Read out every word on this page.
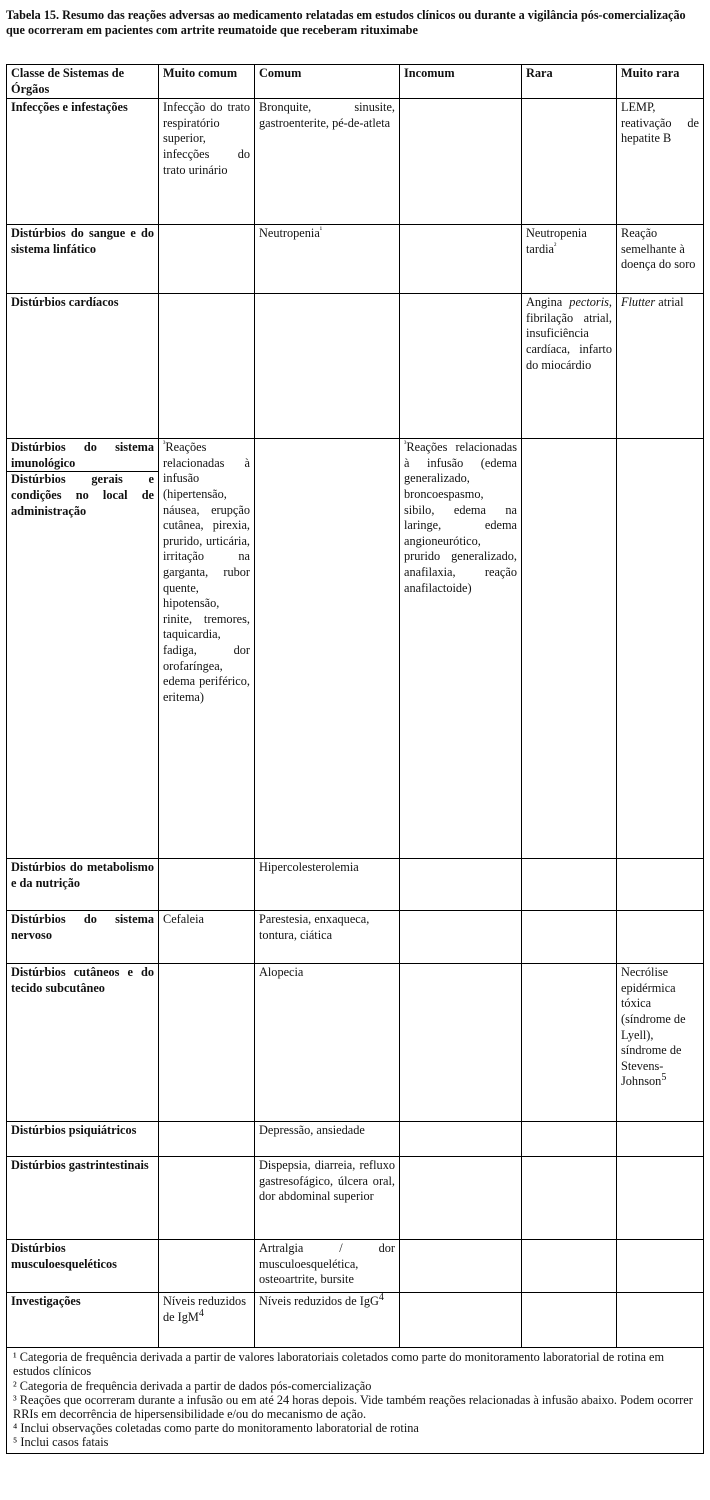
Tabela 15. Resumo das reações adversas ao medicamento relatadas em estudos clínicos ou durante a vigilância pós-comercialização que ocorreram em pacientes com artrite reumatoide que receberam rituximabe
Classe de Sistemas de Órgãos	Muito comum	Comum	Incomum	Rara	Muito rara
Infecções e infestações	Infecção do trato respiratório superior, infecções do trato urinário	Bronquite, sinusite, gastroenterite, pé-de-atleta			LEMP, reativação de hepatite B
Distúrbios do sangue e do sistema linfático		Neutropenia$^{^1}$		Neutropenia tardia$^{^2}$	Reação semelhante à doença do soro
Distúrbios cardíacos				Angina pectoris, fibrilação atrial, insuficiência cardíaca, infarto do miocárdio	Flutter atrial

Distúrbios do sistema imunológico
Distúrbios gerais e condições no local de administração	$^{^3}$Reações relacionadas à infusão (hipertensão, náusea, erupção cutânea, pirexia, prurido, urticária, irritação na garganta, rubor quente, hipotensão, rinite, tremores, taquicardia, fadiga, dor orofaríngea, edema periférico, eritema)		$^{^3}$Reações relacionadas à infusão (edema generalizado, broncoespasmo, sibilo, edema na laringe, edema angioneurótico, prurido generalizado, anafilaxia, reação anafilactoide)		
Distúrbios do metabolismo e da nutrição		Hipercolesterolemia			
Distúrbios do sistema nervoso	Cefaleia	Parestesia, enxaqueca, tontura, ciática			
Distúrbios cutâneos e do tecido subcutâneo		Alopecia			Necrólise epidérmica tóxica (síndrome de Lyell), síndrome de Stevens-Johnson$^5$
Distúrbios psiquiátricos		Depressão, ansiedade			
Distúrbios gastrintestinais		Dispepsia, diarreia, refluxo gastresofágico, úlcera oral, dor abdominal superior			
Distúrbios musculoesqueléticos		Artralgia / dor musculoesquelética, osteoartrite, bursite			
Investigações	Níveis reduzidos de IgM$^4$	Níveis reduzidos de IgG$^4$			

¹ Categoria de frequência derivada a partir de valores laboratoriais coletados como parte do monitoramento laboratorial de rotina em estudos clínicos
² Categoria de frequência derivada a partir de dados pós-comercialização
³ Reações que ocorreram durante a infusão ou em até 24 horas depois. Vide também reações relacionadas à infusão abaixo. Podem ocorrer RRIs em decorrência de hipersensibilidade e/ou do mecanismo de ação.
⁴ Inclui observações coletadas como parte do monitoramento laboratorial de rotina
⁵ Inclui casos fatais					
